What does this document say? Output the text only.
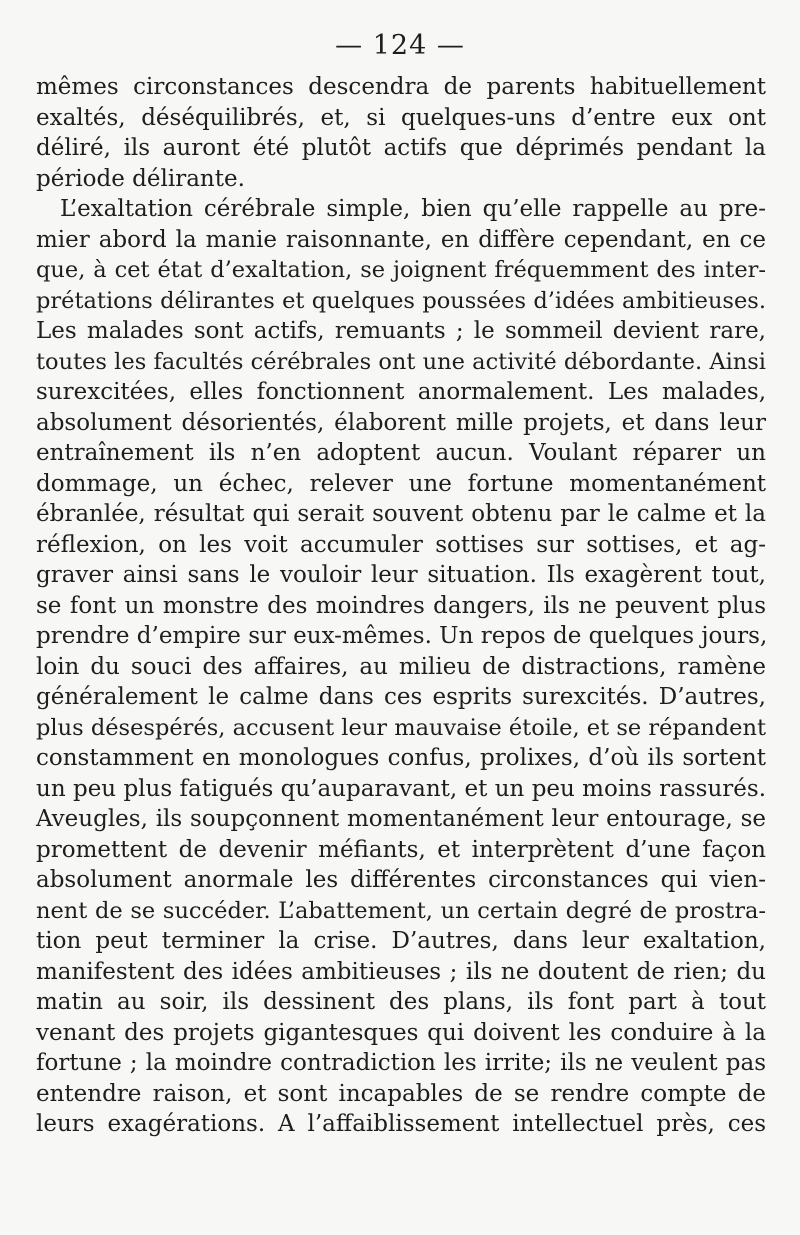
— 124 —
mêmes circonstances descendra de parents habituellement
exaltés, déséquilibrés, et, si quelques-uns d’entre eux ont
déliré, ils auront été plutôt actifs que déprimés pendant la
période délirante.
L’exaltation cérébrale simple, bien qu’elle rappelle au pre-
mier abord la manie raisonnante, en diffère cependant, en ce
que, à cet état d’exaltation, se joignent fréquemment des inter-
prétations délirantes et quelques poussées d’idées ambitieuses.
Les malades sont actifs, remuants ; le sommeil devient rare,
toutes les facultés cérébrales ont une activité débordante. Ainsi
surexcitées, elles fonctionnent anormalement. Les malades,
absolument désorientés, élaborent mille projets, et dans leur
entraînement ils n’en adoptent aucun. Voulant réparer un
dommage, un échec, relever une fortune momentanément
ébranlée, résultat qui serait souvent obtenu par le calme et la
réflexion, on les voit accumuler sottises sur sottises, et ag-
graver ainsi sans le vouloir leur situation. Ils exagèrent tout,
se font un monstre des moindres dangers, ils ne peuvent plus
prendre d’empire sur eux-mêmes. Un repos de quelques jours,
loin du souci des affaires, au milieu de distractions, ramène
généralement le calme dans ces esprits surexcités. D’autres,
plus désespérés, accusent leur mauvaise étoile, et se répandent
constamment en monologues confus, prolixes, d’où ils sortent
un peu plus fatigués qu’auparavant, et un peu moins rassurés.
Aveugles, ils soupçonnent momentanément leur entourage, se
promettent de devenir méfiants, et interprètent d’une façon
absolument anormale les différentes circonstances qui vien-
nent de se succéder. L’abattement, un certain degré de prostra-
tion peut terminer la crise. D’autres, dans leur exaltation,
manifestent des idées ambitieuses ; ils ne doutent de rien; du
matin au soir, ils dessinent des plans, ils font part à tout
venant des projets gigantesques qui doivent les conduire à la
fortune ; la moindre contradiction les irrite; ils ne veulent pas
entendre raison, et sont incapables de se rendre compte de
leurs exagérations. A l’affaiblissement intellectuel près, ces
